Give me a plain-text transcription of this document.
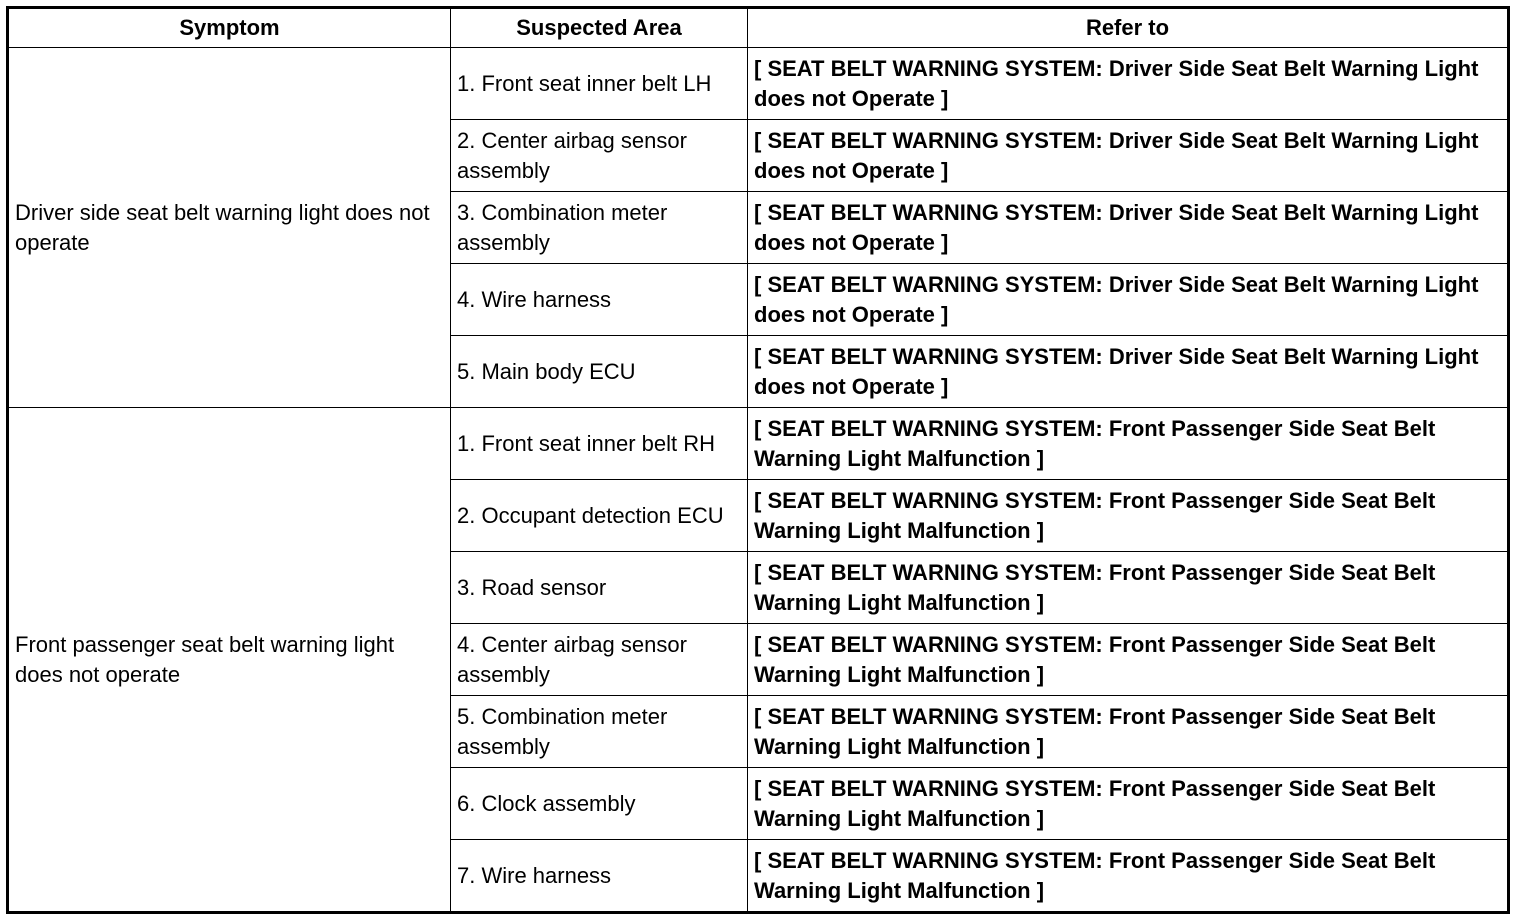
Symptom	Suspected Area	Refer to
Driver side seat belt warning light does not operate	1. Front seat inner belt LH	[ SEAT BELT WARNING SYSTEM: Driver Side Seat Belt Warning Light does not Operate ]
	2. Center airbag sensor assembly	[ SEAT BELT WARNING SYSTEM: Driver Side Seat Belt Warning Light does not Operate ]
	3. Combination meter assembly	[ SEAT BELT WARNING SYSTEM: Driver Side Seat Belt Warning Light does not Operate ]
	4. Wire harness	[ SEAT BELT WARNING SYSTEM: Driver Side Seat Belt Warning Light does not Operate ]
	5. Main body ECU	[ SEAT BELT WARNING SYSTEM: Driver Side Seat Belt Warning Light does not Operate ]
Front passenger seat belt warning light does not operate	1. Front seat inner belt RH	[ SEAT BELT WARNING SYSTEM: Front Passenger Side Seat Belt Warning Light Malfunction ]
	2. Occupant detection ECU	[ SEAT BELT WARNING SYSTEM: Front Passenger Side Seat Belt Warning Light Malfunction ]
	3. Road sensor	[ SEAT BELT WARNING SYSTEM: Front Passenger Side Seat Belt Warning Light Malfunction ]
	4. Center airbag sensor assembly	[ SEAT BELT WARNING SYSTEM: Front Passenger Side Seat Belt Warning Light Malfunction ]
	5. Combination meter assembly	[ SEAT BELT WARNING SYSTEM: Front Passenger Side Seat Belt Warning Light Malfunction ]
	6. Clock assembly	[ SEAT BELT WARNING SYSTEM: Front Passenger Side Seat Belt Warning Light Malfunction ]
	7. Wire harness	[ SEAT BELT WARNING SYSTEM: Front Passenger Side Seat Belt Warning Light Malfunction ]
